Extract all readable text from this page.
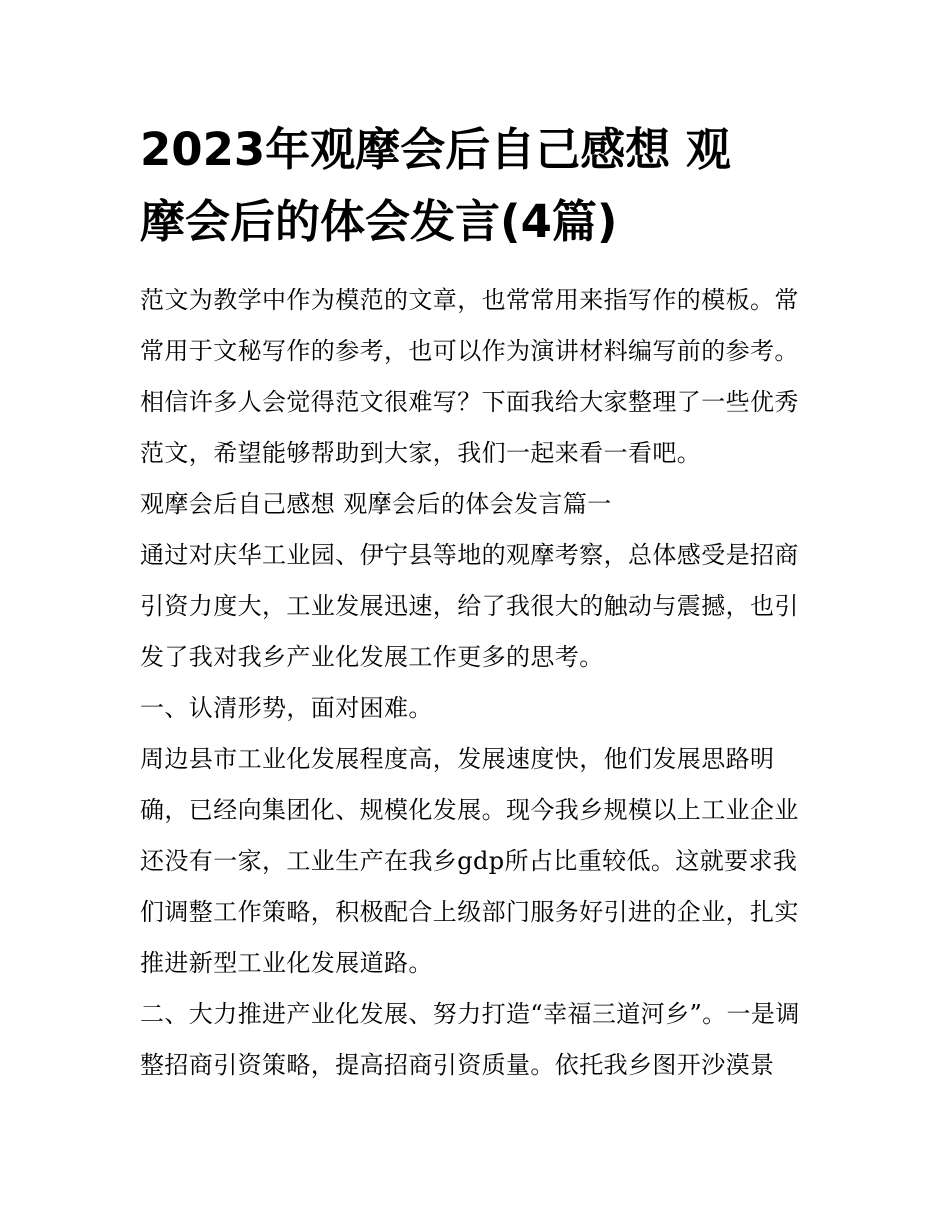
2023年观摩会后自己感想 观
摩会后的体会发言(4篇)
范文为教学中作为模范的文章，也常常用来指写作的模板。常
常用于文秘写作的参考，也可以作为演讲材料编写前的参考。
相信许多人会觉得范文很难写？下面我给大家整理了一些优秀
范文，希望能够帮助到大家，我们一起来看一看吧。
观摩会后自己感想 观摩会后的体会发言篇一
通过对庆华工业园、伊宁县等地的观摩考察，总体感受是招商
引资力度大，工业发展迅速，给了我很大的触动与震撼，也引
发了我对我乡产业化发展工作更多的思考。
一、认清形势，面对困难。
周边县市工业化发展程度高，发展速度快，他们发展思路明
确，已经向集团化、规模化发展。现今我乡规模以上工业企业
还没有一家，工业生产在我乡gdp所占比重较低。这就要求我
们调整工作策略，积极配合上级部门服务好引进的企业，扎实
推进新型工业化发展道路。
二、大力推进产业化发展、努力打造“幸福三道河乡”。一是调
整招商引资策略，提高招商引资质量。依托我乡图开沙漠景
